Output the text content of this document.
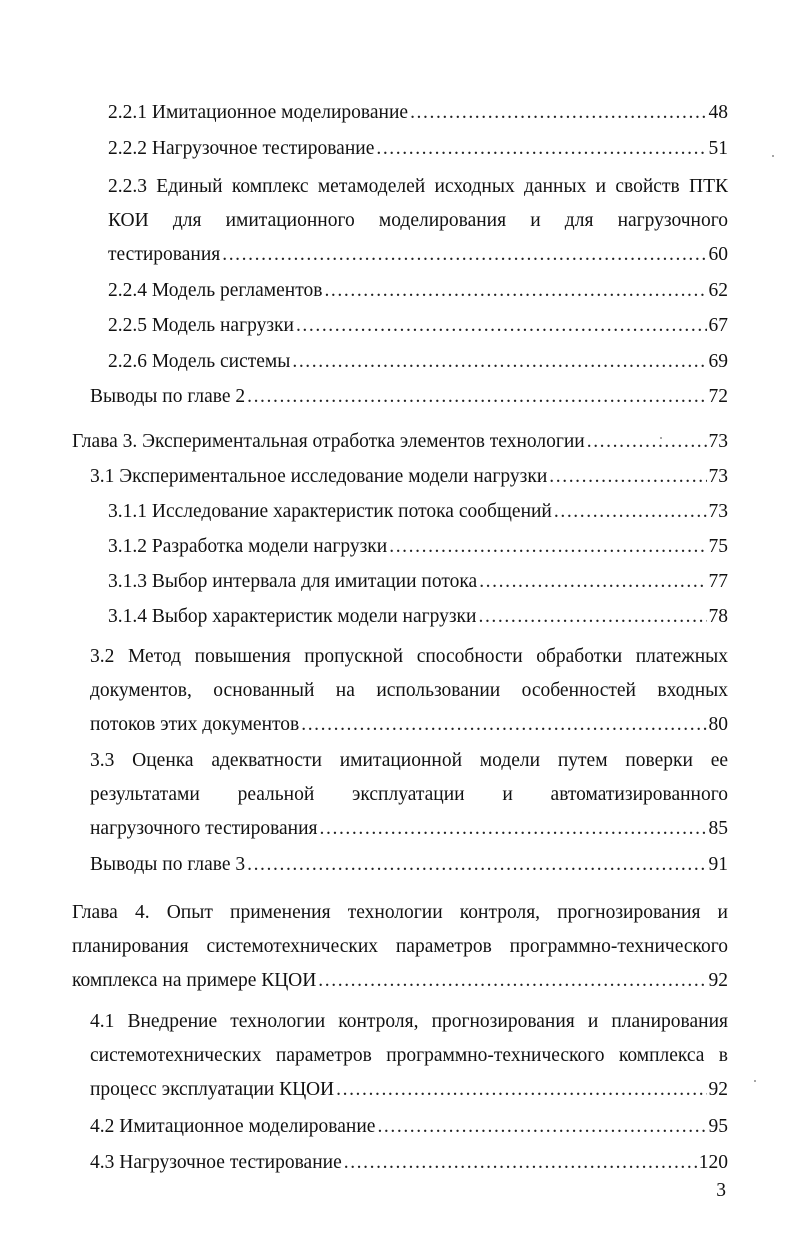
2.2.1 Имитационное моделирование .....	48
2.2.2 Нагрузочное тестирование .....	51
2.2.3 Единый комплекс метамоделей исходных данных и свойств ПТК
КОИ для имитационного моделирования и для нагрузочного
тестирования .....	60
2.2.4 Модель регламентов .....	62
2.2.5 Модель нагрузки .....	67
2.2.6 Модель системы .....	69
Выводы по главе 2 .....	72
Глава 3. Экспериментальная отработка элементов технологии .....	73
3.1 Экспериментальное исследование модели нагрузки .....	73
3.1.1 Исследование характеристик потока сообщений .....	73
3.1.2 Разработка модели нагрузки .....	75
3.1.3 Выбор интервала для имитации потока .....	77
3.1.4 Выбор характеристик модели нагрузки .....	78
3.2 Метод повышения пропускной способности обработки платежных
документов, основанный на использовании особенностей входных
потоков этих документов .....	80
3.3 Оценка адекватности имитационной модели путем поверки ее
результатами реальной эксплуатации и автоматизированного
нагрузочного тестирования .....	85
Выводы по главе 3 .....	91
Глава 4. Опыт применения технологии контроля, прогнозирования и
планирования системотехнических параметров программно-технического
комплекса на примере КЦОИ .....	92
4.1 Внедрение технологии контроля, прогнозирования и планирования
системотехнических параметров программно-технического комплекса в
процесс эксплуатации КЦОИ .....	92
4.2 Имитационное моделирование .....	95
4.3 Нагрузочное тестирование .....	120
3
